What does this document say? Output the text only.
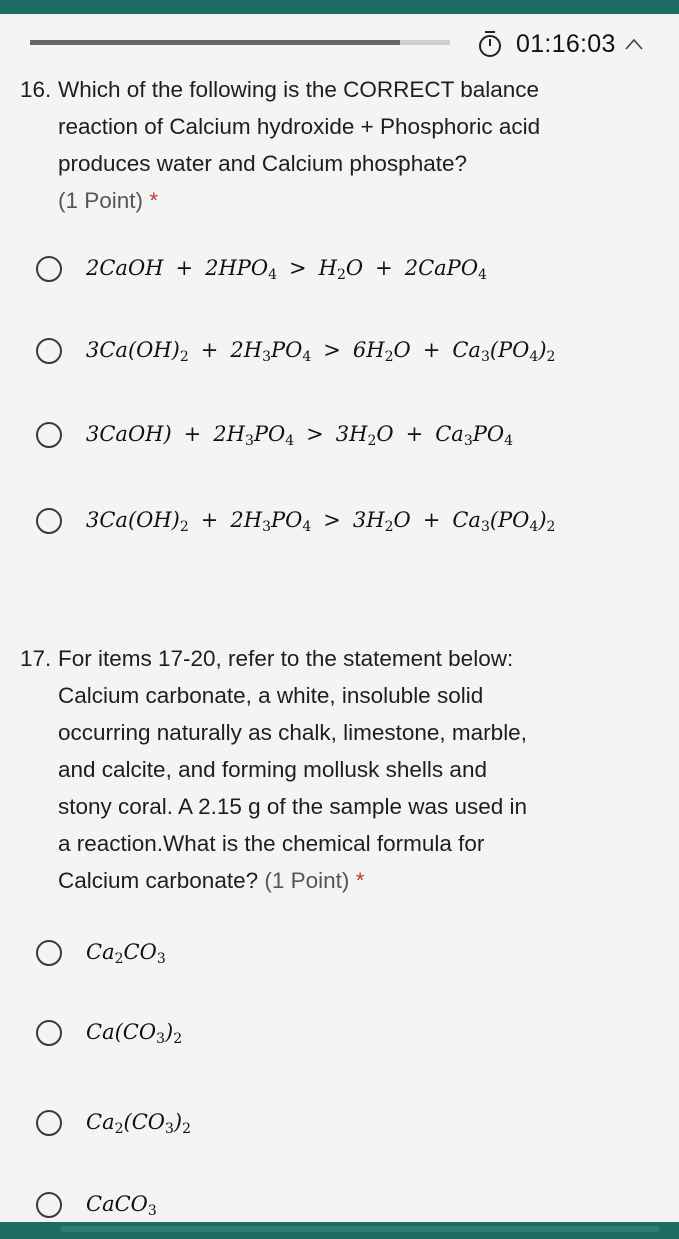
01:16:03
16. Which of the following is the CORRECT balance
reaction of Calcium hydroxide + Phosphoric acid
produces water and Calcium phosphate?
(1 Point) *
2CaOH + $2HPO_4 > H_2O$ + 2CaPO$_4$
$3Ca(OH)_2 + 2H_3PO_4 > 6H_2O + Ca_3(PO_4)_2$
3CaOH) + $2H_3PO_4 > 3H_2O + Ca_3PO_4$
$3Ca(OH)_2 + 2H_3PO_4 > 3H_2O + Ca_3(PO_4)_2$
17. For items 17-20, refer to the statement below:
Calcium carbonate, a white, insoluble solid
occurring naturally as chalk, limestone, marble,
and calcite, and forming mollusk shells and
stony coral. A 2.15 g of the sample was used in
a reaction.What is the chemical formula for
Calcium carbonate? (1 Point) *
$Ca_2CO_3$
$Ca(CO_3)_2$
$Ca_2(CO_3)_2$
CaCO$_3$
